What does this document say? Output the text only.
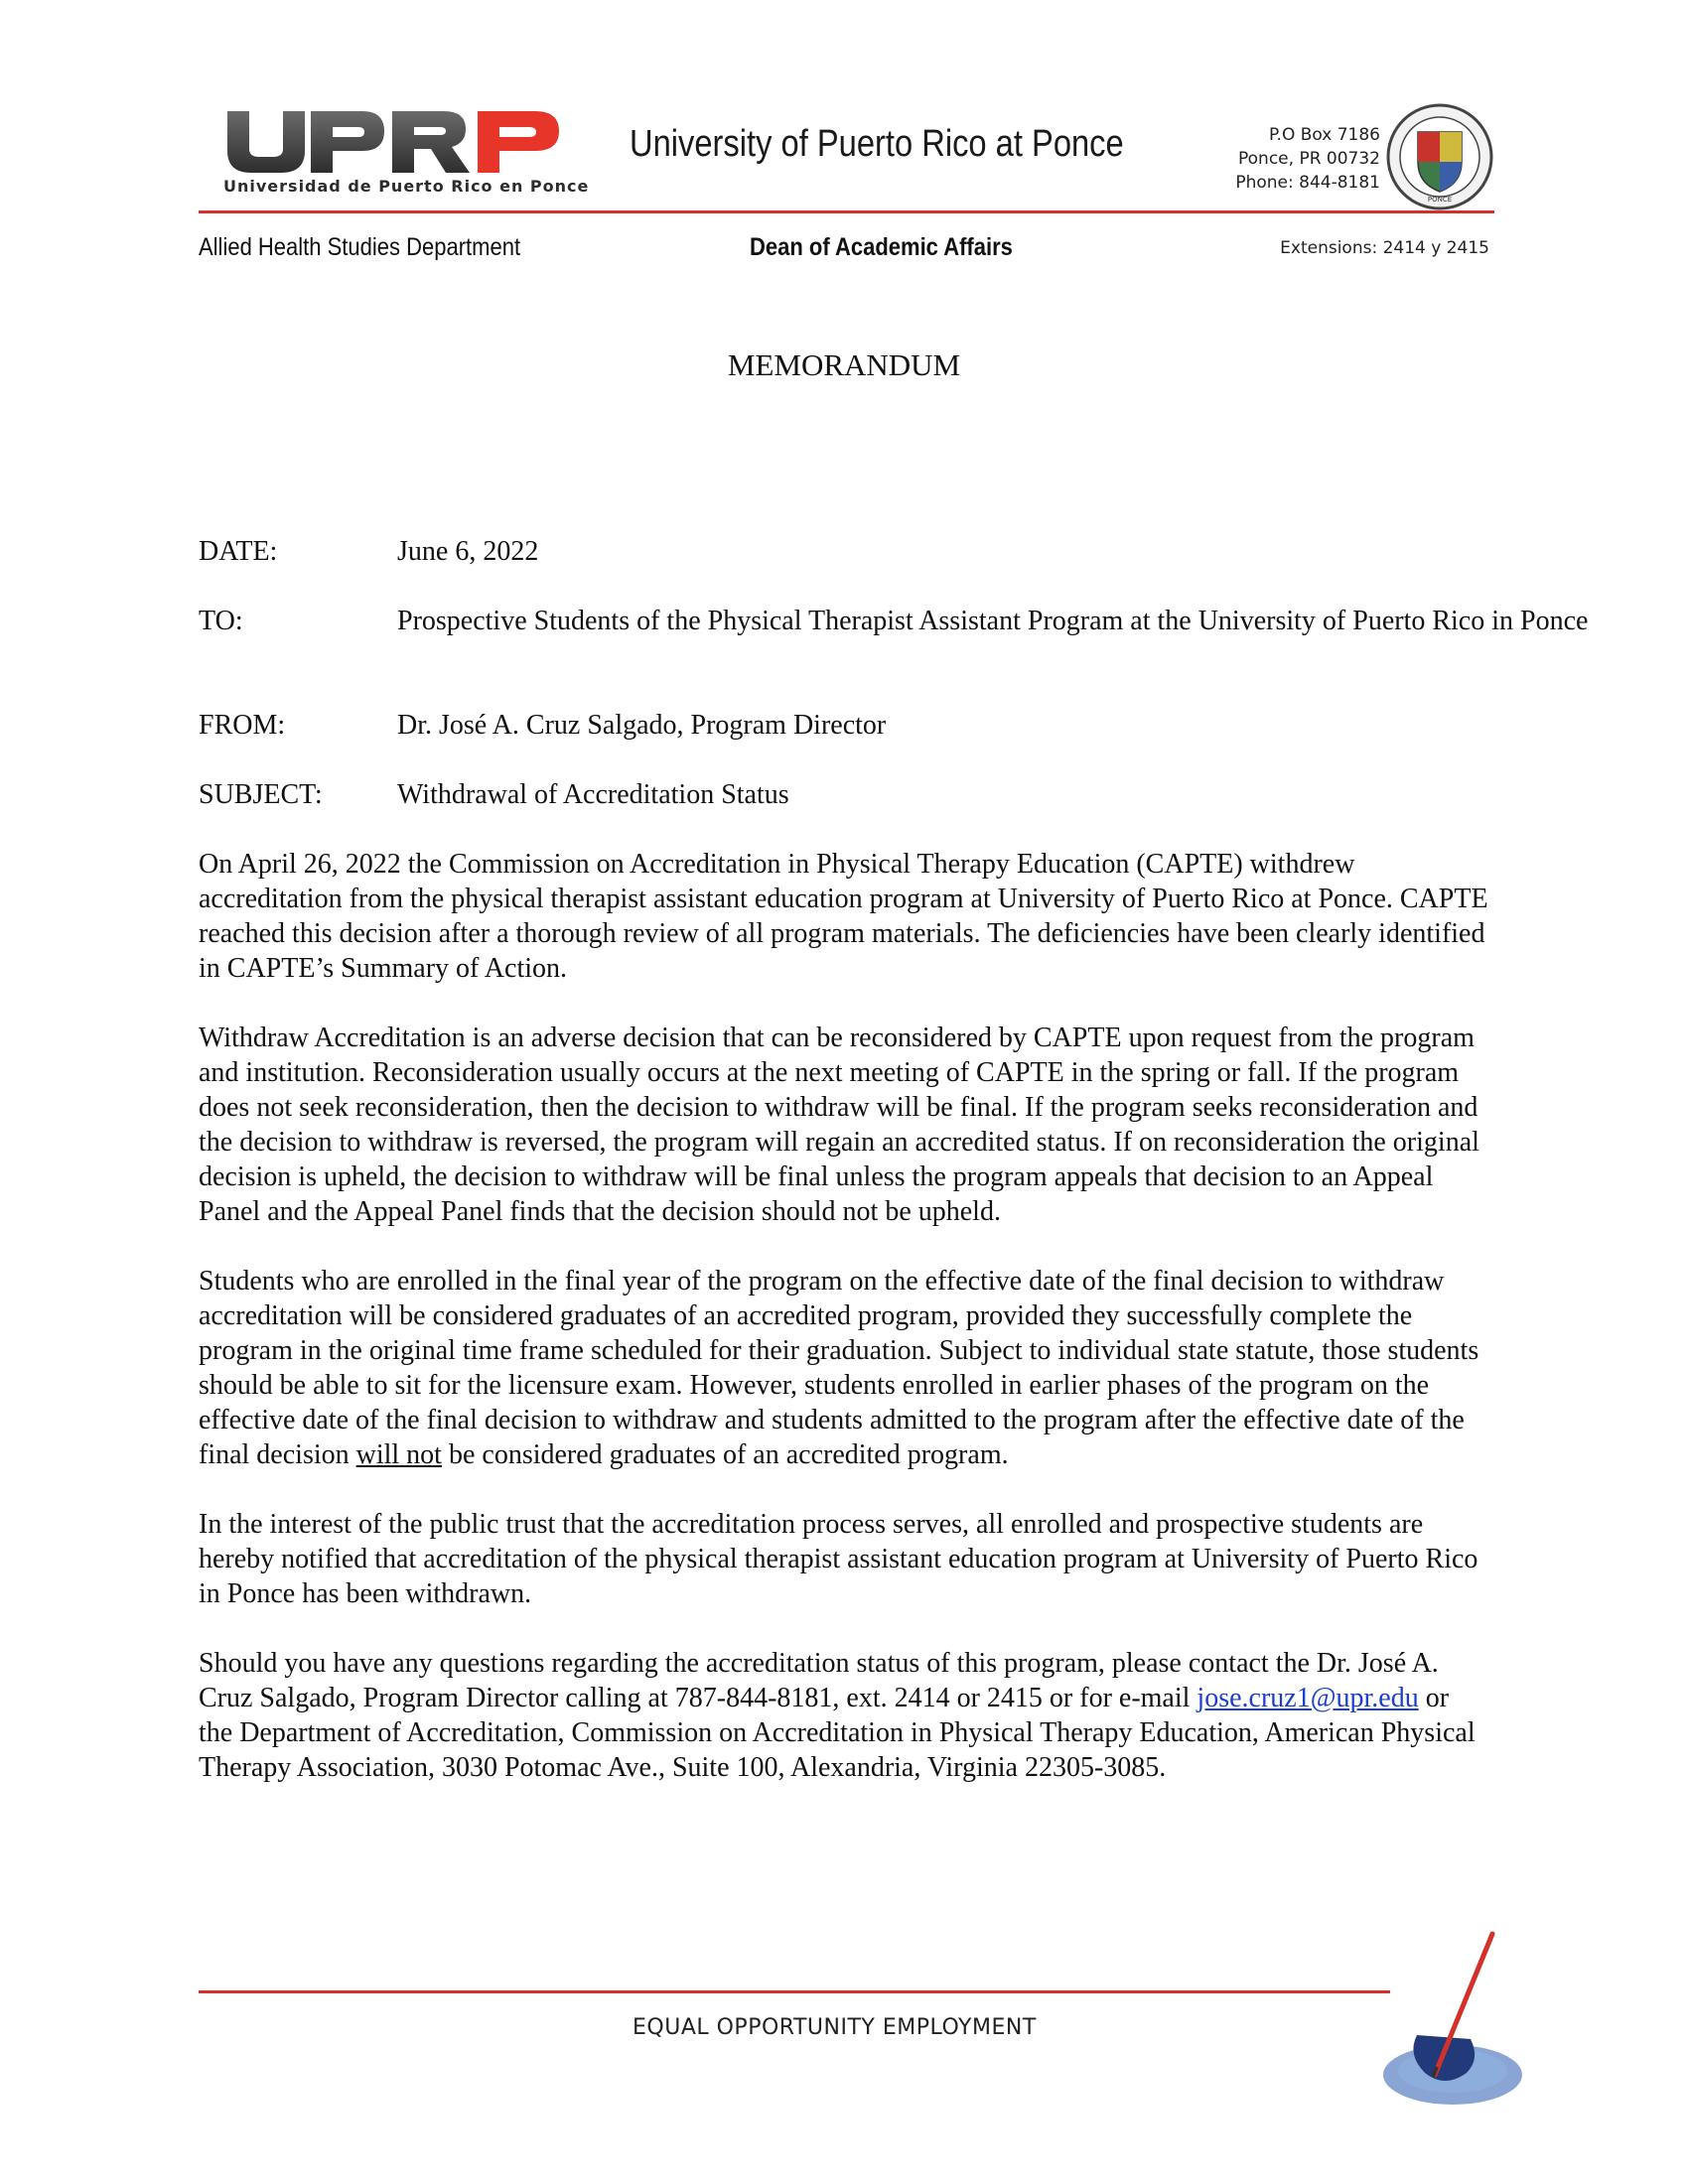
Universidad de Puerto Rico en Ponce
University of Puerto Rico at Ponce	P.O Box 7186
Ponce, PR 00732
Phone: 844-8181
PONCE
Allied Health Studies Department	Dean of Academic Affairs	Extensions: 2414 y 2415
MEMORANDUM
DATE:	June 6, 2022
TO:	Prospective Students of the Physical Therapist Assistant Program at the University of Puerto Rico in Ponce
FROM:	Dr. José A. Cruz Salgado, Program Director
SUBJECT:	Withdrawal of Accreditation Status

On April 26, 2022 the Commission on Accreditation in Physical Therapy Education (CAPTE) withdrew accreditation from the physical therapist assistant education program at University of Puerto Rico at Ponce. CAPTE reached this decision after a thorough review of all program materials. The deficiencies have been clearly identified in CAPTE’s Summary of Action.

Withdraw Accreditation is an adverse decision that can be reconsidered by CAPTE upon request from the program and institution. Reconsideration usually occurs at the next meeting of CAPTE in the spring or fall. If the program does not seek reconsideration, then the decision to withdraw will be final. If the program seeks reconsideration and the decision to withdraw is reversed, the program will regain an accredited status. If on reconsideration the original decision is upheld, the decision to withdraw will be final unless the program appeals that decision to an Appeal Panel and the Appeal Panel finds that the decision should not be upheld.

Students who are enrolled in the final year of the program on the effective date of the final decision to withdraw accreditation will be considered graduates of an accredited program, provided they successfully complete the program in the original time frame scheduled for their graduation. Subject to individual state statute, those students should be able to sit for the licensure exam. However, students enrolled in earlier phases of the program on the effective date of the final decision to withdraw and students admitted to the program after the effective date of the final decision will not be considered graduates of an accredited program.

In the interest of the public trust that the accreditation process serves, all enrolled and prospective students are hereby notified that accreditation of the physical therapist assistant education program at University of Puerto Rico in Ponce has been withdrawn.

Should you have any questions regarding the accreditation status of this program, please contact the Dr. José A. Cruz Salgado, Program Director calling at 787-844-8181, ext. 2414 or 2415 or for e-mail jose.cruz1@upr.edu or the Department of Accreditation, Commission on Accreditation in Physical Therapy Education, American Physical Therapy Association, 3030 Potomac Ave., Suite 100, Alexandria, Virginia 22305-3085.

EQUAL OPPORTUNITY EMPLOYMENT
